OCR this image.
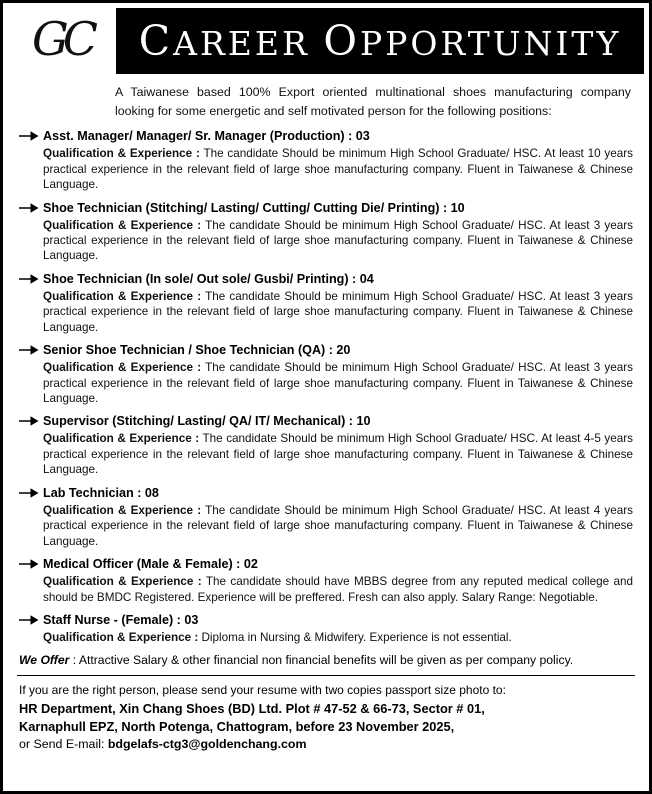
GC CAREER OPPORTUNITY

A Taiwanese based 100% Export oriented multinational shoes manufacturing company looking for some energetic and self motivated person for the following positions:

Asst. Manager/ Manager/ Sr. Manager (Production) : 03
Qualification & Experience : The candidate Should be minimum High School Graduate/ HSC. At least 10 years practical experience in the relevant field of large shoe manufacturing company. Fluent in Taiwanese & Chinese Language.
Shoe Technician (Stitching/ Lasting/ Cutting/ Cutting Die/ Printing) : 10
Qualification & Experience : The candidate Should be minimum High School Graduate/ HSC. At least 3 years practical experience in the relevant field of large shoe manufacturing company. Fluent in Taiwanese & Chinese Language.
Shoe Technician (In sole/ Out sole/ Gusbi/ Printing) : 04
Qualification & Experience : The candidate Should be minimum High School Graduate/ HSC. At least 3 years practical experience in the relevant field of large shoe manufacturing company. Fluent in Taiwanese & Chinese Language.
Senior Shoe Technician / Shoe Technician (QA) : 20
Qualification & Experience : The candidate Should be minimum High School Graduate/ HSC. At least 3 years practical experience in the relevant field of large shoe manufacturing company. Fluent in Taiwanese & Chinese Language.
Supervisor (Stitching/ Lasting/ QA/ IT/ Mechanical) : 10
Qualification & Experience : The candidate Should be minimum High School Graduate/ HSC. At least 4-5 years practical experience in the relevant field of large shoe manufacturing company. Fluent in Taiwanese & Chinese Language.
Lab Technician : 08
Qualification & Experience : The candidate Should be minimum High School Graduate/ HSC. At least 4 years practical experience in the relevant field of large shoe manufacturing company. Fluent in Taiwanese & Chinese Language.
Medical Officer (Male & Female) : 02
Qualification & Experience : The candidate should have MBBS degree from any reputed medical college and should be BMDC Registered. Experience will be preffered. Fresh can also apply. Salary Range: Negotiable.
Staff Nurse - (Female) : 03
Qualification & Experience : Diploma in Nursing & Midwifery. Experience is not essential.
We Offer : Attractive Salary & other financial non financial benefits will be given as per company policy.
If you are the right person, please send your resume with two copies passport size photo to:
HR Department, Xin Chang Shoes (BD) Ltd. Plot # 47-52 & 66-73, Sector # 01,
Karnaphull EPZ, North Potenga, Chattogram, before 23 November 2025,
or Send E-mail: bdgelafs-ctg3@goldenchang.com
